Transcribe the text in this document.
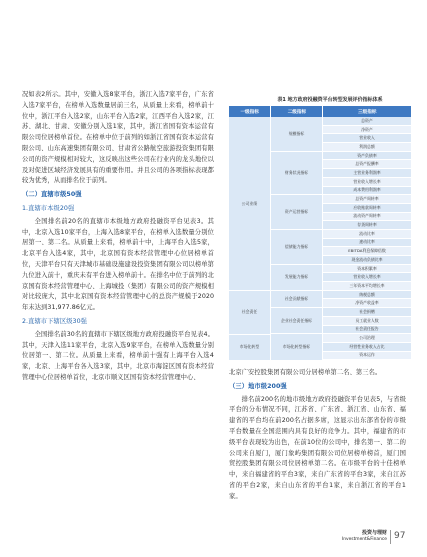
况如表2所示。其中，安徽入选8家平台，浙江入选7家平台，广东省入选7家平台，在榜单入选数量居前三名，从质量上来看，榜单前十位中，浙江平台入选2家，山东平台入选2家，江西平台入选2家，江苏、湖北、甘肃、安徽分别入选1家，其中，浙江省国有资本运营有限公司位居榜单首位。在榜单中位于前列的如浙江省国有资本运营有限公司、山东高速集团有限公司、甘肃省公路航空旅游投资集团有限公司的资产规模相对较大，这反映出这些公司在行业内的龙头地位以及对促进区域经济发展具有的重要作用。并且公司的各项指标表现都较为优秀，从而排名位于前列。

（二）直辖市级50强

1.直辖市本级20强

全国排名前20名的直辖市本级地方政府投融资平台见表3。其中，北京入选10家平台，上海入选8家平台，在榜单入选数量分别位居第一、第二名。从质量上来看，榜单前十中，上海平台入选5家，北京平台入选4家，其中，北京国有资本经营管理中心位居榜单首位，天津平台只有天津城市基础设施建设投资集团有限公司以榜单第九位进入前十，重庆未有平台进入榜单前十。在排名中位于前列的北京国有资本经营管理中心、上海城投（集团）有限公司的资产规模相对比较庞大，其中北京国有资本经营管理中心的总资产规模于2020年末达到31,977.86亿元。

2.直辖市下辖区级30强

全国排名前30名的直辖市下辖区级地方政府投融资平台见表4。其中，天津入选11家平台，北京入选9家平台，在榜单入选数量分别位居第一、第二位。从质量上来看，榜单前十强有上海平台入选4家，北京、上海平台各入选3家，其中，北京市海淀区国有资本经营管理中心位居榜单首位，北京市顺义区国有资本经营管理中心、

表1 地方政府投融资平台转型发展评价指标体系
一级指标	二级指标	三级指标
公司业绩
社会责任
市场化转型
规模指标
财务状况指标
资产运营指标
偿债能力指标
发展能力指标
社会贡献指标
企业社会责任指标
市场化转型指标
总资产
净资产
营业收入
利润总额
资产负债率
总资产报酬率
主营业务利润率
营业收入增长率
成本费用利润率
总资产周转率
应收账款周转率
流动资产周转率
存货周转率
流动比率
速动比率
EBITDA利息保障倍数
现金流动负债比率
资本积累率
营业收入增长率
三年资本平均增长率
纳税总额
净资产收益率
社会捐赠
员工就业人数
社会责任报告
公司治理
经营性业务收入占比
资本运作

北京广安控股集团有限公司分居榜单第二名、第三名。

（三）地市级200强

排名前200名的地市级地方政府投融资平台见表5，与省级平台的分布情况不同，江苏省、广东省、浙江省、山东省、福建省的平台均在前200名占据多席，这显示出东部省份的市级平台数量在全国范围内具有良好的竞争力。其中，福建省的市级平台表现较为出色，在前10位的公司中，排名第一、第二的公司来自厦门，厦门象屿集团有限公司位居榜单榜首，厦门国贸控股集团有限公司位居榜单第二名。在市级平台的十佳榜单中，来自福建省的平台3家，来自广东省的平台3家，来自江苏省的平台2家，来自山东省的平台1家，来自浙江省的平台1家。

投资与理财
Investment&Finance 97
